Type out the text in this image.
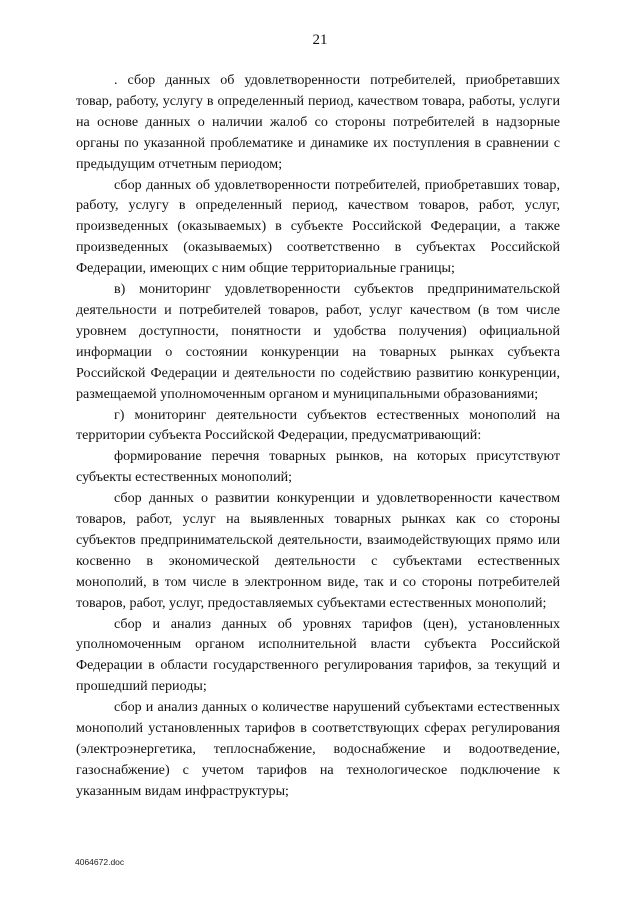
21

. сбор данных об удовлетворенности потребителей, приобретавших товар, работу, услугу в определенный период, качеством товара, работы, услуги на основе данных о наличии жалоб со стороны потребителей в надзорные органы по указанной проблематике и динамике их поступления в сравнении с предыдущим отчетным периодом;

сбор данных об удовлетворенности потребителей, приобретавших товар, работу, услугу в определенный период, качеством товаров, работ, услуг, произведенных (оказываемых) в субъекте Российской Федерации, а также произведенных (оказываемых) соответственно в субъектах Российской Федерации, имеющих с ним общие территориальные границы;

в) мониторинг удовлетворенности субъектов предпринимательской деятельности и потребителей товаров, работ, услуг качеством (в том числе уровнем доступности, понятности и удобства получения) официальной информации о состоянии конкуренции на товарных рынках субъекта Российской Федерации и деятельности по содействию развитию конкуренции, размещаемой уполномоченным органом и муниципальными образованиями;

г) мониторинг деятельности субъектов естественных монополий на территории субъекта Российской Федерации, предусматривающий:

формирование перечня товарных рынков, на которых присутствуют субъекты естественных монополий;

сбор данных о развитии конкуренции и удовлетворенности качеством товаров, работ, услуг на выявленных товарных рынках как со стороны субъектов предпринимательской деятельности, взаимодействующих прямо или косвенно в экономической деятельности с субъектами естественных монополий, в том числе в электронном виде, так и со стороны потребителей товаров, работ, услуг, предоставляемых субъектами естественных монополий;

сбор и анализ данных об уровнях тарифов (цен), установленных уполномоченным органом исполнительной власти субъекта Российской Федерации в области государственного регулирования тарифов, за текущий и прошедший периоды;

сбор и анализ данных о количестве нарушений субъектами естественных монополий установленных тарифов в соответствующих сферах регулирования (электроэнергетика, теплоснабжение, водоснабжение и водоотведение, газоснабжение) с учетом тарифов на технологическое подключение к указанным видам инфраструктуры;

4064672.doc
